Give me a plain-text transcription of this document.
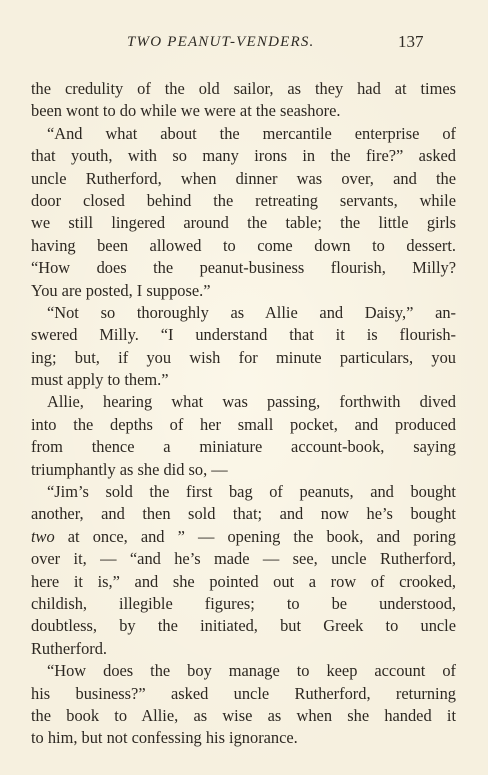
TWO PEANUT-VENDERS.	137
the credulity of the old sailor, as they had at times
been wont to do while we were at the seashore.
“And what about the mercantile enterprise of
that youth, with so many irons in the fire?” asked
uncle Rutherford, when dinner was over, and the
door closed behind the retreating servants, while
we still lingered around the table; the little girls
having been allowed to come down to dessert.
“How does the peanut-business flourish, Milly?
You are posted, I suppose.”
“Not so thoroughly as Allie and Daisy,” an-
swered Milly. “I understand that it is flourish-
ing; but, if you wish for minute particulars, you
must apply to them.”
Allie, hearing what was passing, forthwith dived
into the depths of her small pocket, and produced
from thence a miniature account-book, saying
triumphantly as she did so, —
“Jim’s sold the first bag of peanuts, and bought
another, and then sold that; and now he’s bought
two at once, and ” — opening the book, and poring
over it, — “and he’s made — see, uncle Rutherford,
here it is,” and she pointed out a row of crooked,
childish, illegible figures; to be understood,
doubtless, by the initiated, but Greek to uncle
Rutherford.
“How does the boy manage to keep account of
his business?” asked uncle Rutherford, returning
the book to Allie, as wise as when she handed it
to him, but not confessing his ignorance.
